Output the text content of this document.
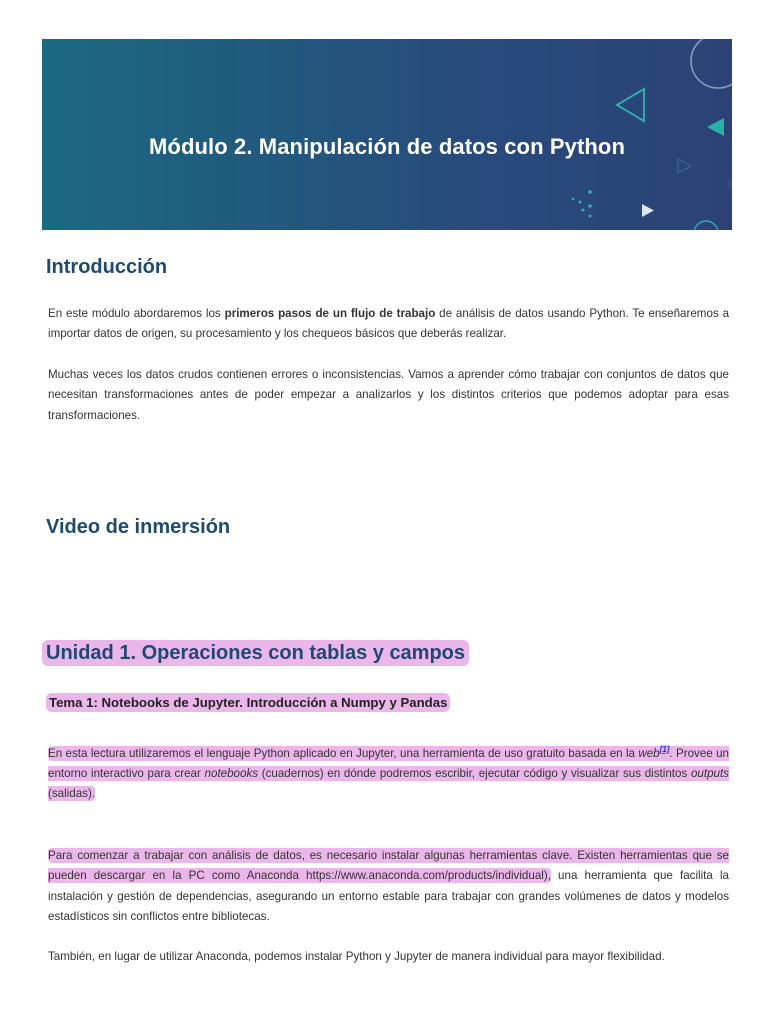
Módulo 2. Manipulación de datos con Python
Introducción

En este módulo abordaremos los primeros pasos de un flujo de trabajo de análisis de datos usando Python. Te enseñaremos a importar datos de origen, su procesamiento y los chequeos básicos que deberás realizar.

Muchas veces los datos crudos contienen errores o inconsistencias. Vamos a aprender cómo trabajar con conjuntos de datos que necesitan transformaciones antes de poder empezar a analizarlos y los distintos criterios que podemos adoptar para esas transformaciones.

Video de inmersión
Unidad 1. Operaciones con tablas y campos
Tema 1: Notebooks de Jupyter. Introducción a Numpy y Pandas

En esta lectura utilizaremos el lenguaje Python aplicado en Jupyter, una herramienta de uso gratuito basada en la web[1]. Provee un entorno interactivo para crear notebooks (cuadernos) en dónde podremos escribir, ejecutar código y visualizar sus distintos outputs (salidas).

Para comenzar a trabajar con análisis de datos, es necesario instalar algunas herramientas clave. Existen herramientas que se pueden descargar en la PC como Anaconda https://www.anaconda.com/products/individual), una herramienta que facilita la instalación y gestión de dependencias, asegurando un entorno estable para trabajar con grandes volúmenes de datos y modelos estadísticos sin conflictos entre bibliotecas.

También, en lugar de utilizar Anaconda, podemos instalar Python y Jupyter de manera individual para mayor flexibilidad.
